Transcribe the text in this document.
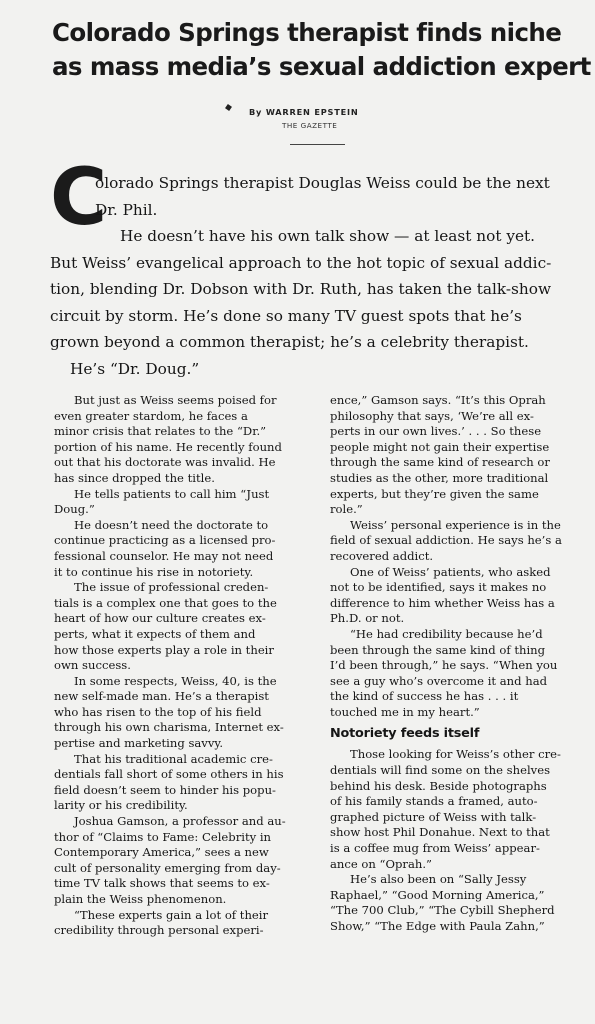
Colorado Springs therapist finds niche
as mass media’s sexual addiction expert
By WARREN EPSTEIN
THE GAZETTE
C
olorado Springs therapist Douglas Weiss could be the next
Dr. Phil.
He doesn’t have his own talk show — at least not yet.
But Weiss’ evangelical approach to the hot topic of sexual addic-
tion, blending Dr. Dobson with Dr. Ruth, has taken the talk-show
circuit by storm. He’s done so many TV guest spots that he’s
grown beyond a common therapist; he’s a celebrity therapist.
He’s “Dr. Doug.”
But just as Weiss seems poised for
even greater stardom, he faces a
minor crisis that relates to the “Dr.”
portion of his name. He recently found
out that his doctorate was invalid. He
has since dropped the title.
He tells patients to call him “Just
Doug.”
He doesn’t need the doctorate to
continue practicing as a licensed pro-
fessional counselor. He may not need
it to continue his rise in notoriety.
The issue of professional creden-
tials is a complex one that goes to the
heart of how our culture creates ex-
perts, what it expects of them and
how those experts play a role in their
own success.
In some respects, Weiss, 40, is the
new self-made man. He’s a therapist
who has risen to the top of his field
through his own charisma, Internet ex-
pertise and marketing savvy.
That his traditional academic cre-
dentials fall short of some others in his
field doesn’t seem to hinder his popu-
larity or his credibility.
Joshua Gamson, a professor and au-
thor of “Claims to Fame: Celebrity in
Contemporary America,” sees a new
cult of personality emerging from day-
time TV talk shows that seems to ex-
plain the Weiss phenomenon.
“These experts gain a lot of their
credibility through personal experi-
ence,” Gamson says. “It’s this Oprah
philosophy that says, ‘We’re all ex-
perts in our own lives.’ . . . So these
people might not gain their expertise
through the same kind of research or
studies as the other, more traditional
experts, but they’re given the same
role.”
Weiss’ personal experience is in the
field of sexual addiction. He says he’s a
recovered addict.
One of Weiss’ patients, who asked
not to be identified, says it makes no
difference to him whether Weiss has a
Ph.D. or not.
“He had credibility because he’d
been through the same kind of thing
I’d been through,” he says. “When you
see a guy who’s overcome it and had
the kind of success he has . . . it
touched me in my heart.”
Notoriety feeds itself
Those looking for Weiss’s other cre-
dentials will find some on the shelves
behind his desk. Beside photographs
of his family stands a framed, auto-
graphed picture of Weiss with talk-
show host Phil Donahue. Next to that
is a coffee mug from Weiss’ appear-
ance on “Oprah.”
He’s also been on “Sally Jessy
Raphael,” “Good Morning America,”
“The 700 Club,” “The Cybill Shepherd
Show,” “The Edge with Paula Zahn,”
